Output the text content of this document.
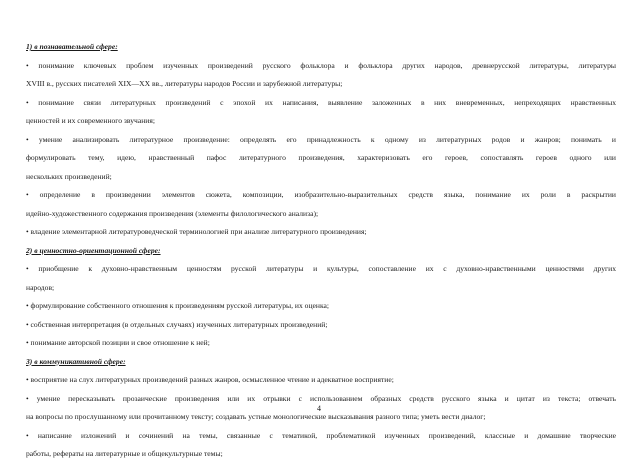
1) в познавательной сфере:
• понимание ключевых проблем изученных произведений русского фольклора и фольклора других народов, древнерусской литературы, литературы
XVIII в., русских писателей XIX—XX вв., литературы народов России и зарубежной литературы;
• понимание связи литературных произведений с эпохой их написания, выявление заложенных в них вневременных, непреходящих нравственных
ценностей и их современного звучания;
• умение анализировать литературное произведение: определять его принадлежность к одному из литературных родов и жанров; понимать и
формулировать тему, идею, нравственный пафос литературного произведения, характеризовать его героев, сопоставлять героев одного или
нескольких произведений;
• определение в произведении элементов сюжета, композиции, изобразительно-выразительных средств языка, понимание их роли в раскрытии
идейно-художественного содержания произведения (элементы филологического анализа);
• владение элементарной литературоведческой терминологией при анализе литературного произведения;
2) в ценностно-ориентационной сфере:
• приобщение к духовно-нравственным ценностям русской литературы и культуры, сопоставление их с духовно-нравственными ценностями других
народов;
• формулирование собственного отношения к произведениям русской литературы, их оценка;
• собственная интерпретация (в отдельных случаях) изученных литературных произведений;
• понимание авторской позиции и свое отношение к ней;
3) в коммуникативной сфере:
• восприятие на слух литературных произведений разных жанров, осмысленное чтение и адекватное восприятие;
• умение пересказывать прозаические произведения или их отрывки с использованием образных средств русского языка и цитат из текста; отвечать
на вопросы по прослушанному или прочитанному тексту; создавать устные монологические высказывания разного типа; уметь вести диалог;
• написание изложений и сочинений на темы, связанные с тематикой, проблематикой изученных произведений, классные и домашние творческие
работы, рефераты на литературные и общекультурные темы;
4
